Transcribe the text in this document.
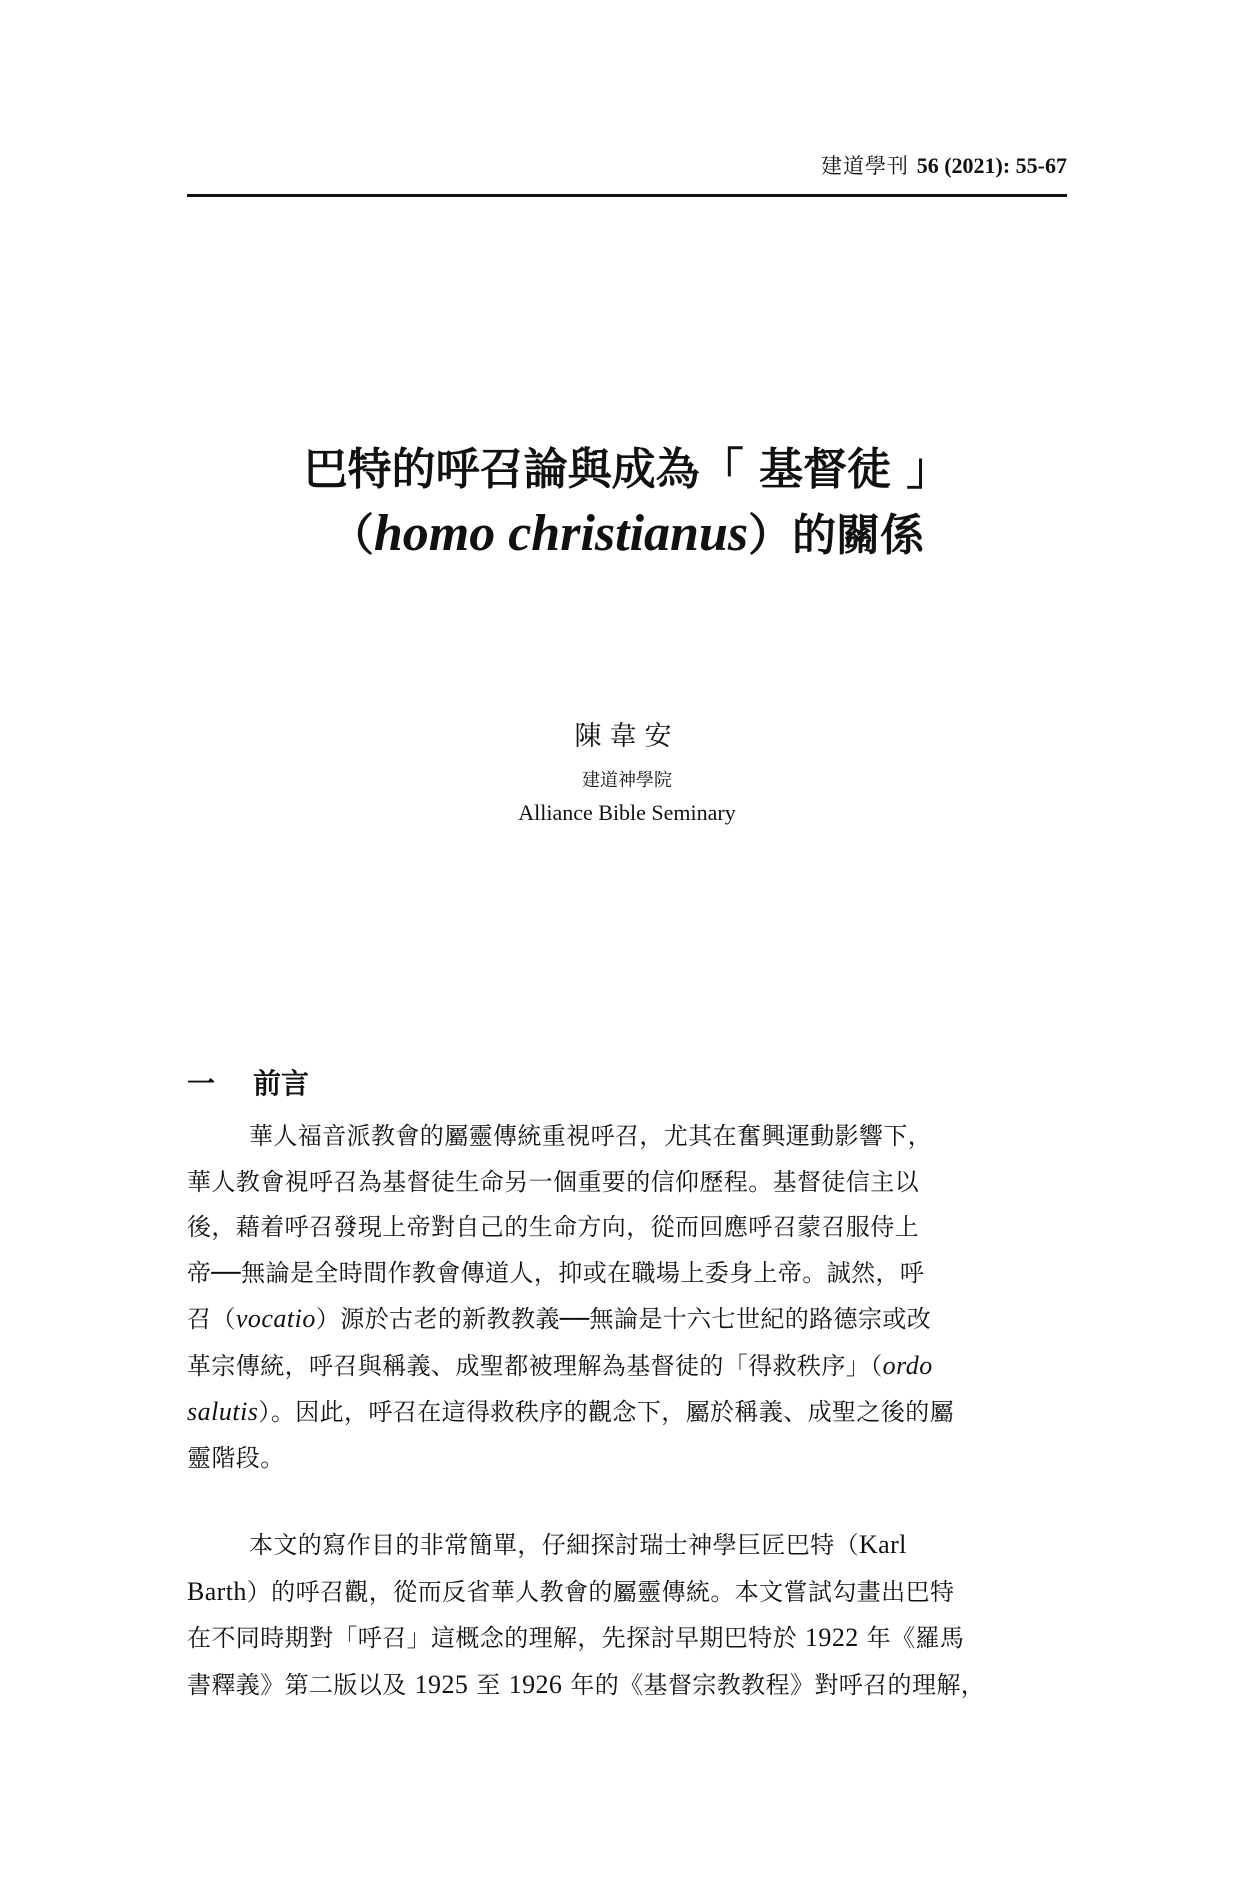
建道學刊 56 (2021): 55-67
巴特的呼召論與成為「 基督徒 」
（homo christianus）的關係
陳韋安
建道神學院
Alliance Bible Seminary
一 前言
華人福音派教會的屬靈傳統重視呼召，尤其在奮興運動影響下，
華人教會視呼召為基督徒生命另一個重要的信仰歷程。基督徒信主以
後，藉着呼召發現上帝對自己的生命方向，從而回應呼召蒙召服侍上
帝──無論是全時間作教會傳道人，抑或在職場上委身上帝。誠然，呼
召（vocatio）源於古老的新教教義──無論是十六七世紀的路德宗或改
革宗傳統，呼召與稱義、成聖都被理解為基督徒的「得救秩序」（ordo
salutis）。因此，呼召在這得救秩序的觀念下，屬於稱義、成聖之後的屬
靈階段。
本文的寫作目的非常簡單，仔細探討瑞士神學巨匠巴特（Karl
Barth）的呼召觀，從而反省華人教會的屬靈傳統。本文嘗試勾畫出巴特
在不同時期對「呼召」這概念的理解，先探討早期巴特於 1922 年《羅馬
書釋義》第二版以及 1925 至 1926 年的《基督宗教教程》對呼召的理解，
